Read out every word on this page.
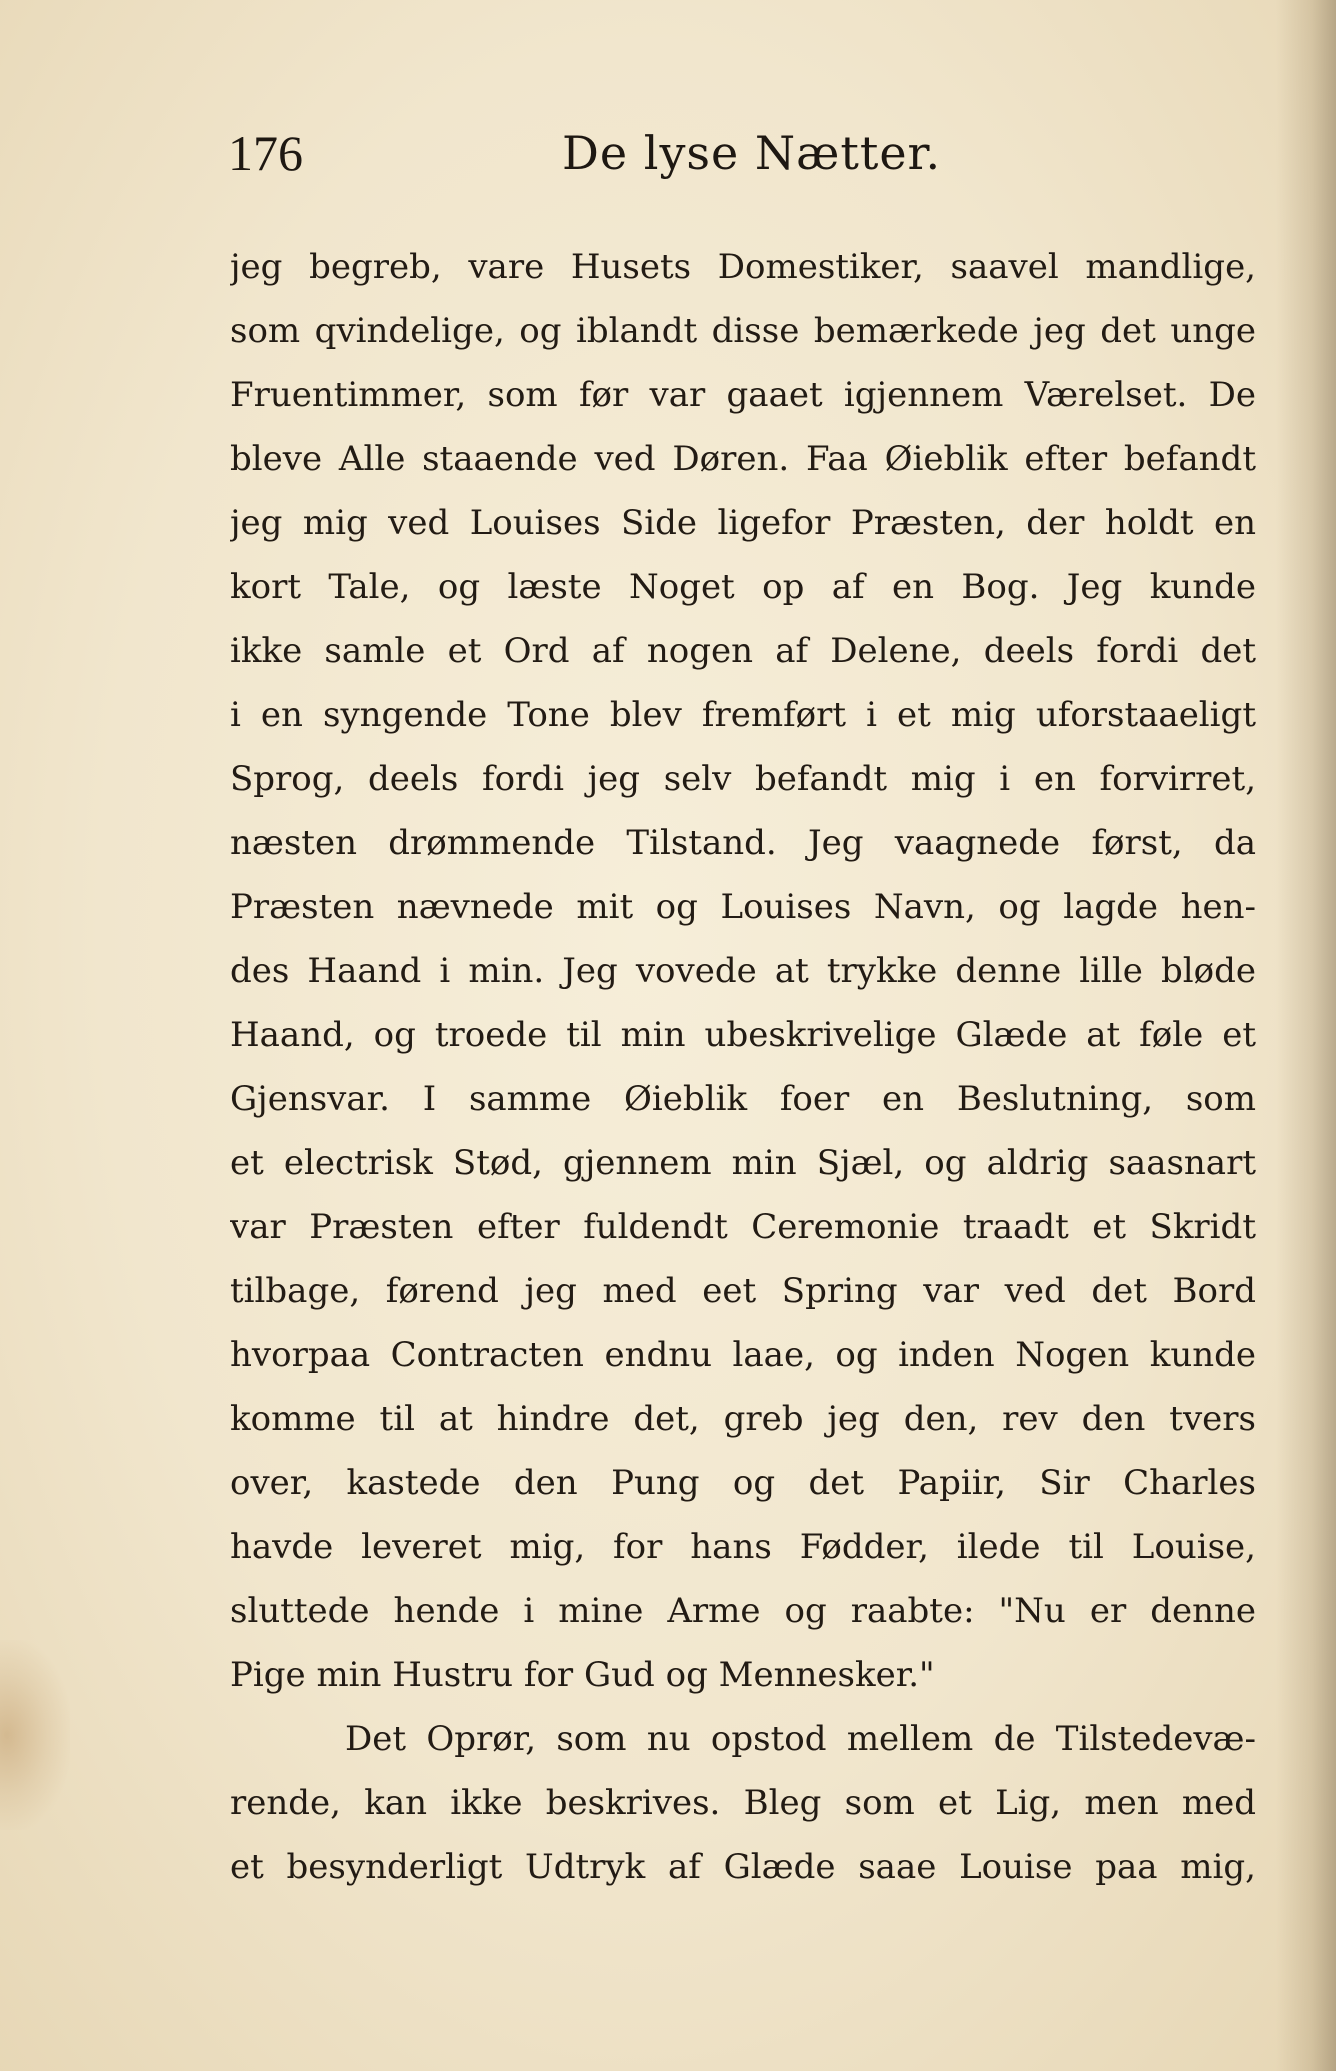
176	De lyse Nætter.
jeg begreb, vare Husets Domestiker, saavel mandlige,
som qvindelige, og iblandt disse bemærkede jeg det unge
Fruentimmer, som før var gaaet igjennem Værelset. De
bleve Alle staaende ved Døren. Faa Øieblik efter befandt
jeg mig ved Louises Side ligefor Præsten, der holdt en
kort Tale, og læste Noget op af en Bog. Jeg kunde
ikke samle et Ord af nogen af Delene, deels fordi det
i en syngende Tone blev fremført i et mig uforstaaeligt
Sprog, deels fordi jeg selv befandt mig i en forvirret,
næsten drømmende Tilstand. Jeg vaagnede først, da
Præsten nævnede mit og Louises Navn, og lagde hen-
des Haand i min. Jeg vovede at trykke denne lille bløde
Haand, og troede til min ubeskrivelige Glæde at føle et
Gjensvar. I samme Øieblik foer en Beslutning, som
et electrisk Stød, gjennem min Sjæl, og aldrig saasnart
var Præsten efter fuldendt Ceremonie traadt et Skridt
tilbage, førend jeg med eet Spring var ved det Bord
hvorpaa Contracten endnu laae, og inden Nogen kunde
komme til at hindre det, greb jeg den, rev den tvers
over, kastede den Pung og det Papiir, Sir Charles
havde leveret mig, for hans Fødder, ilede til Louise,
sluttede hende i mine Arme og raabte: "Nu er denne
Pige min Hustru for Gud og Mennesker."
Det Oprør, som nu opstod mellem de Tilstedevæ-
rende, kan ikke beskrives. Bleg som et Lig, men med
et besynderligt Udtryk af Glæde saae Louise paa mig,
